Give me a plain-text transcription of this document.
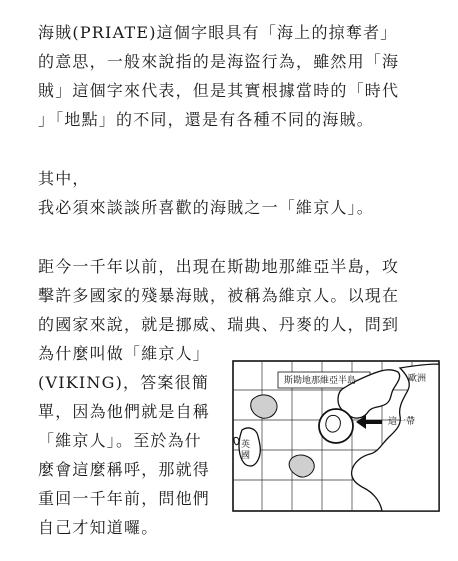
海賊(PRIATE)這個字眼具有「海上的掠奪者」
的意思，一般來說指的是海盜行為，雖然用「海
賊」這個字來代表，但是其實根據當時的「時代
」「地點」的不同，還是有各種不同的海賊。
其中，
我必須來談談所喜歡的海賊之一「維京人」。
距今一千年以前，出現在斯勘地那維亞半島，攻
擊許多國家的殘暴海賊，被稱為維京人。以現在
的國家來說，就是挪威、瑞典、丹麥的人，問到
為什麼叫做「維京人」
(VIKING)，答案很簡
單，因為他們就是自稱
「維京人」。至於為什
麼會這麼稱呼，那就得
重回一千年前，問他們
自己才知道囉。
斯勘地那維亞半島	歐洲
這一帶
英國
